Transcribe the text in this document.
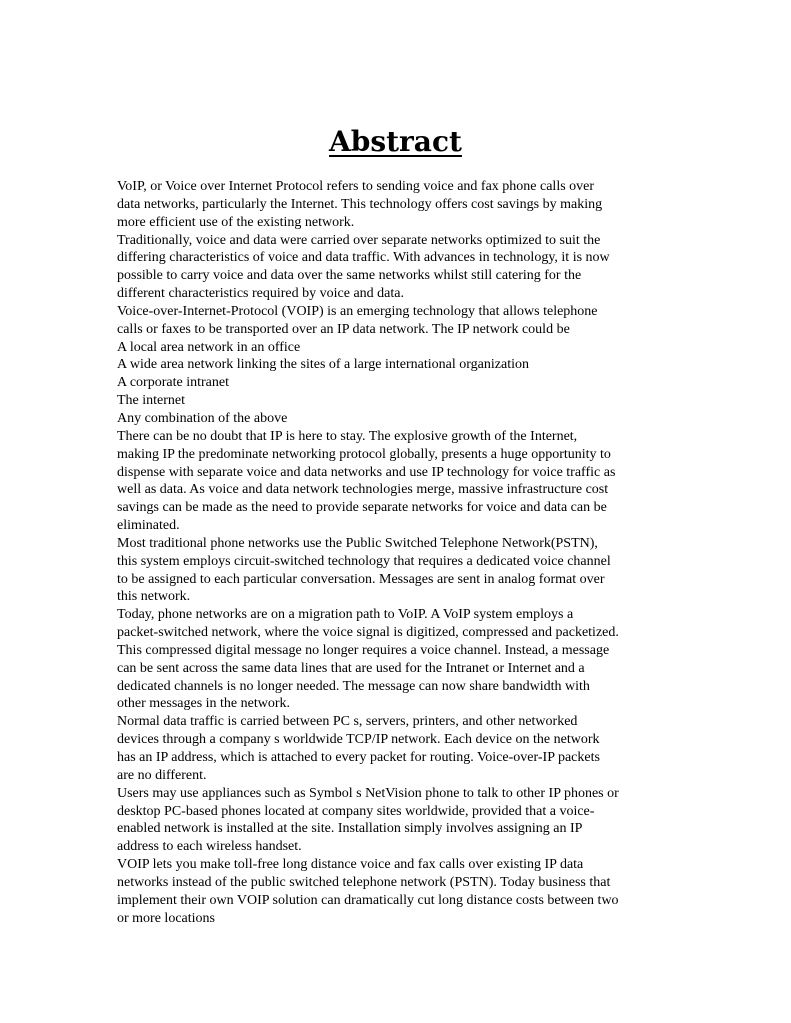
Abstract
VoIP, or Voice over Internet Protocol refers to sending voice and fax phone calls over
data networks, particularly the Internet. This technology offers cost savings by making
more efficient use of the existing network.
Traditionally, voice and data were carried over separate networks optimized to suit the
differing characteristics of voice and data traffic. With advances in technology, it is now
possible to carry voice and data over the same networks whilst still catering for the
different characteristics required by voice and data.
Voice-over-Internet-Protocol (VOIP) is an emerging technology that allows telephone
calls or faxes to be transported over an IP data network. The IP network could be
A local area network in an office
A wide area network linking the sites of a large international organization
A corporate intranet
The internet
Any combination of the above
There can be no doubt that IP is here to stay. The explosive growth of the Internet,
making IP the predominate networking protocol globally, presents a huge opportunity to
dispense with separate voice and data networks and use IP technology for voice traffic as
well as data. As voice and data network technologies merge, massive infrastructure cost
savings can be made as the need to provide separate networks for voice and data can be
eliminated.
Most traditional phone networks use the Public Switched Telephone Network(PSTN),
this system employs circuit-switched technology that requires a dedicated voice channel
to be assigned to each particular conversation. Messages are sent in analog format over
this network.
Today, phone networks are on a migration path to VoIP. A VoIP system employs a
packet-switched network, where the voice signal is digitized, compressed and packetized.
This compressed digital message no longer requires a voice channel. Instead, a message
can be sent across the same data lines that are used for the Intranet or Internet and a
dedicated channels is no longer needed. The message can now share bandwidth with
other messages in the network.
Normal data traffic is carried between PC s, servers, printers, and other networked
devices through a company s worldwide TCP/IP network. Each device on the network
has an IP address, which is attached to every packet for routing. Voice-over-IP packets
are no different.
Users may use appliances such as Symbol s NetVision phone to talk to other IP phones or
desktop PC-based phones located at company sites worldwide, provided that a voice-
enabled network is installed at the site. Installation simply involves assigning an IP
address to each wireless handset.
VOIP lets you make toll-free long distance voice and fax calls over existing IP data
networks instead of the public switched telephone network (PSTN). Today business that
implement their own VOIP solution can dramatically cut long distance costs between two
or more locations
